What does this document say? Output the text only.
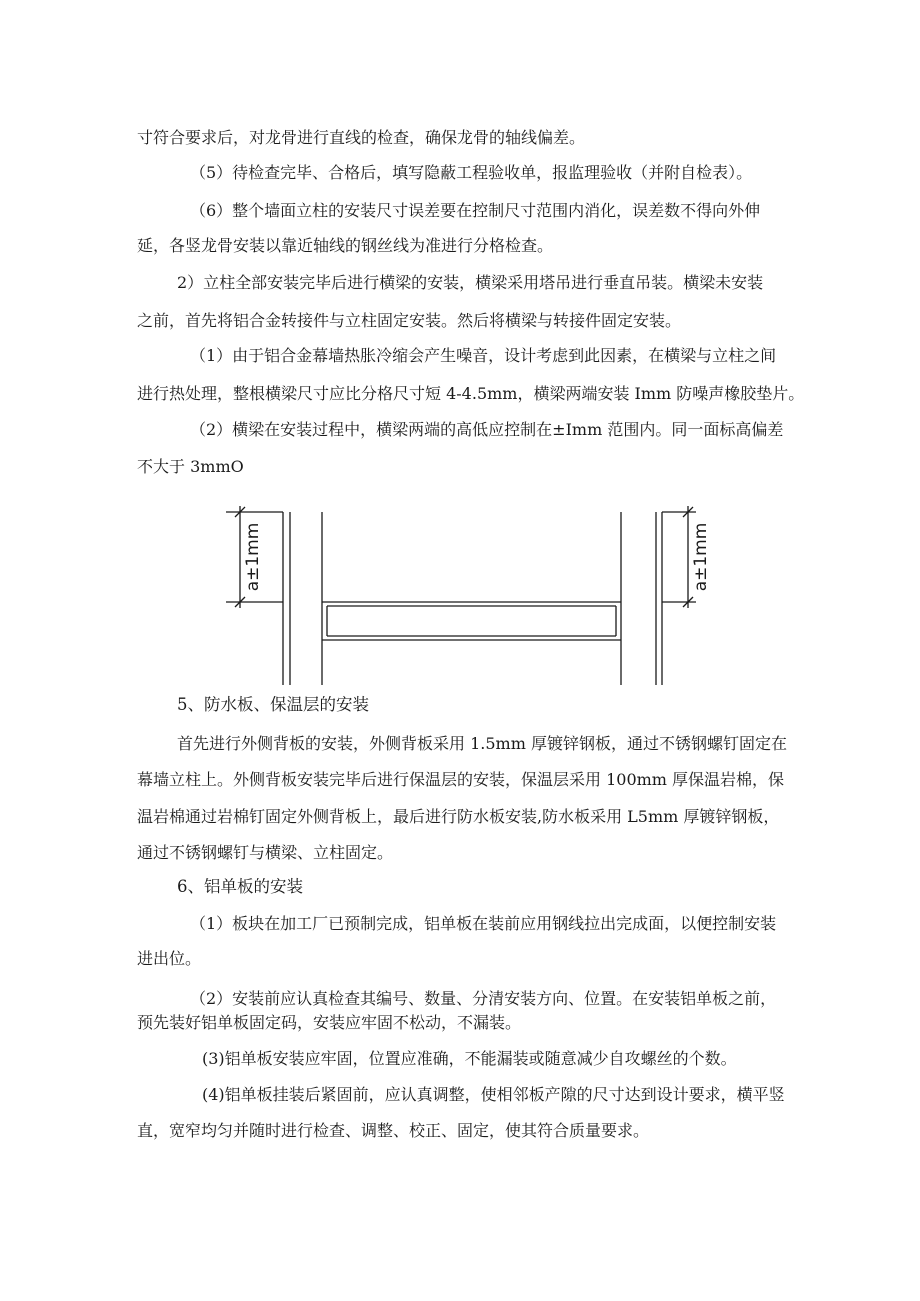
寸符合要求后，对龙骨进行直线的检查，确保龙骨的轴线偏差。

（5）待检查完毕、合格后，填写隐蔽工程验收单，报监理验收（并附自检表）。

（6）整个墙面立柱的安装尺寸误差要在控制尺寸范围内消化，误差数不得向外伸

延，各竖龙骨安装以靠近轴线的钢丝线为准进行分格检查。

2）立柱全部安装完毕后进行横梁的安装，横梁采用塔吊进行垂直吊装。横梁未安装

之前，首先将铝合金转接件与立柱固定安装。然后将横梁与转接件固定安装。

（1）由于铝合金幕墙热胀冷缩会产生噪音，设计考虑到此因素，在横梁与立柱之间

进行热处理，整根横梁尺寸应比分格尺寸短 4-4.5mm，横梁两端安装 Imm 防噪声橡胶垫片。

（2）横梁在安装过程中，横梁两端的高低应控制在±Imm 范围内。同一面标高偏差

不大于 3mmO

a±1mm	a±1mm

5、防水板、保温层的安装

首先进行外侧背板的安装，外侧背板采用 1.5mm 厚镀锌钢板，通过不锈钢螺钉固定在

幕墙立柱上。外侧背板安装完毕后进行保温层的安装，保温层采用 100mm 厚保温岩棉，保

温岩棉通过岩棉钉固定外侧背板上，最后进行防水板安装,防水板采用 L5mm 厚镀锌钢板，

通过不锈钢螺钉与横梁、立柱固定。

6、铝单板的安装

（1）板块在加工厂已预制完成，铝单板在装前应用钢线拉出完成面，以便控制安装

进出位。

（2）安装前应认真检查其编号、数量、分清安装方向、位置。在安装铝单板之前，

预先装好铝单板固定码，安装应牢固不松动，不漏装。

(3)铝单板安装应牢固，位置应准确，不能漏装或随意减少自攻螺丝的个数。

(4)铝单板挂装后紧固前，应认真调整，使相邻板产隙的尺寸达到设计要求，横平竖

直，宽窄均匀并随时进行检查、调整、校正、固定，使其符合质量要求。
